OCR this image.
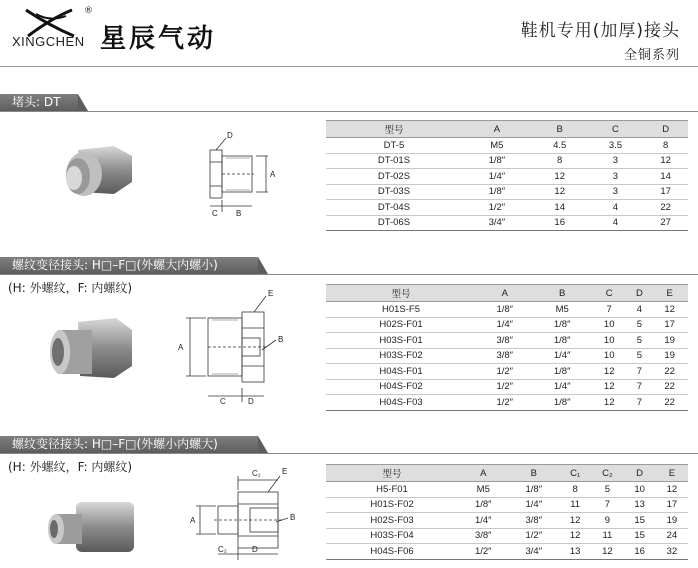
®
XINGCHEN 星辰气动	鞋机专用(加厚)接头
全铜系列
堵头: DT
D
A
C B
型号	A	B	C	D
DT-5	M5	4.5	3.5	8
DT-01S	1/8″	8	3	12
DT-02S	1/4″	12	3	14
DT-03S	1/8″	12	3	17
DT-04S	1/2″	14	4	22
DT-06S	3/4″	16	4	27
螺纹变径接头: H□–F□(外螺大内螺小)
(H: 外螺纹，F: 内螺纹)	E
A
B
C	D
型号	A	B	C	D	E
H01S-F5	1/8″	M5	7	4	12
H02S-F01	1/4″	1/8″	10	5	17
H03S-F01	3/8″	1/8″	10	5	19
H03S-F02	3/8″	1/4″	10	5	19
H04S-F01	1/2″	1/8″	12	7	22
H04S-F02	1/2″	1/4″	12	7	22
H04S-F03	1/2″	1/8″	12	7	22
螺纹变径接头: H□–F□(外螺小内螺大)
(H: 外螺纹，F: 内螺纹)	C₁	E
A	B
C₂	D
型号	A	B	C₁	C₂	D	E
H5-F01	M5	1/8″	8	5	10	12
H01S-F02	1/8″	1/4″	11	7	13	17
H02S-F03	1/4″	3/8″	12	9	15	19
H03S-F04	3/8″	1/2″	12	11	15	24
H04S-F06	1/2″	3/4″	13	12	16	32
